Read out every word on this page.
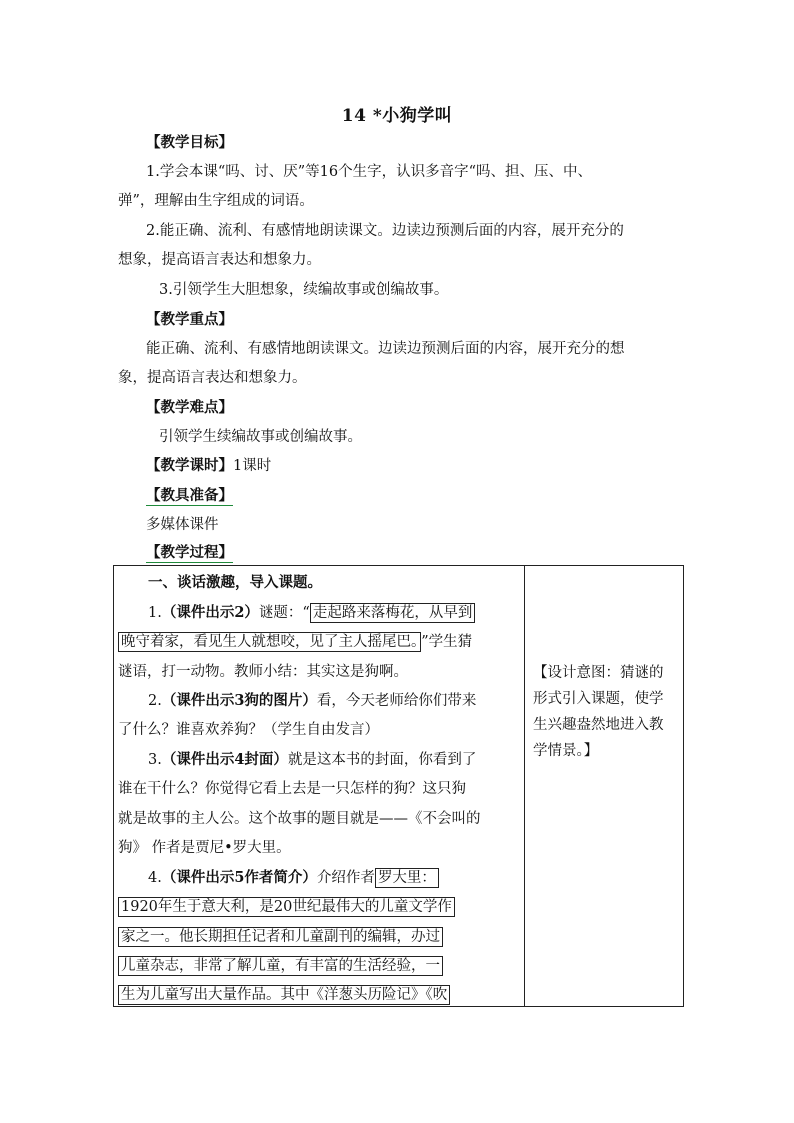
14 *小狗学叫
【教学目标】
1.学会本课“吗、讨、厌”等16个生字，认识多音字“吗、担、压、中、
弹”，理解由生字组成的词语。
2.能正确、流利、有感情地朗读课文。边读边预测后面的内容，展开充分的
想象，提高语言表达和想象力。
3.引领学生大胆想象，续编故事或创编故事。
【教学重点】
能正确、流利、有感情地朗读课文。边读边预测后面的内容，展开充分的想
象，提高语言表达和想象力。
【教学难点】
引领学生续编故事或创编故事。
【教学课时】1课时
【教具准备】
多媒体课件
【教学过程】
一、谈话激趣，导入课题。
1.（课件出示2）谜题：“ 走起路来落梅花，从早到
晚守着家，看见生人就想咬，见了主人摇尾巴。 ”学生猜
谜语，打一动物。教师小结：其实这是狗啊。
2.（课件出示3狗的图片）看，今天老师给你们带来
了什么？谁喜欢养狗？（学生自由发言）
3.（课件出示4封面）就是这本书的封面，你看到了
谁在干什么？你觉得它看上去是一只怎样的狗？这只狗
就是故事的主人公。这个故事的题目就是——《不会叫的
狗》 作者是贾尼•罗大里。
4.（课件出示5作者简介）介绍作者 罗大里：
1920年生于意大利，是20世纪最伟大的儿童文学作
家之一。他长期担任记者和儿童副刊的编辑，办过
儿童杂志，非常了解儿童，有丰富的生活经验，一
生为儿童写出大量作品。其中《洋葱头历险记》《吹

【设计意图：猜谜的形式引入课题，使学生兴趣盎然地进入教学情景。】
